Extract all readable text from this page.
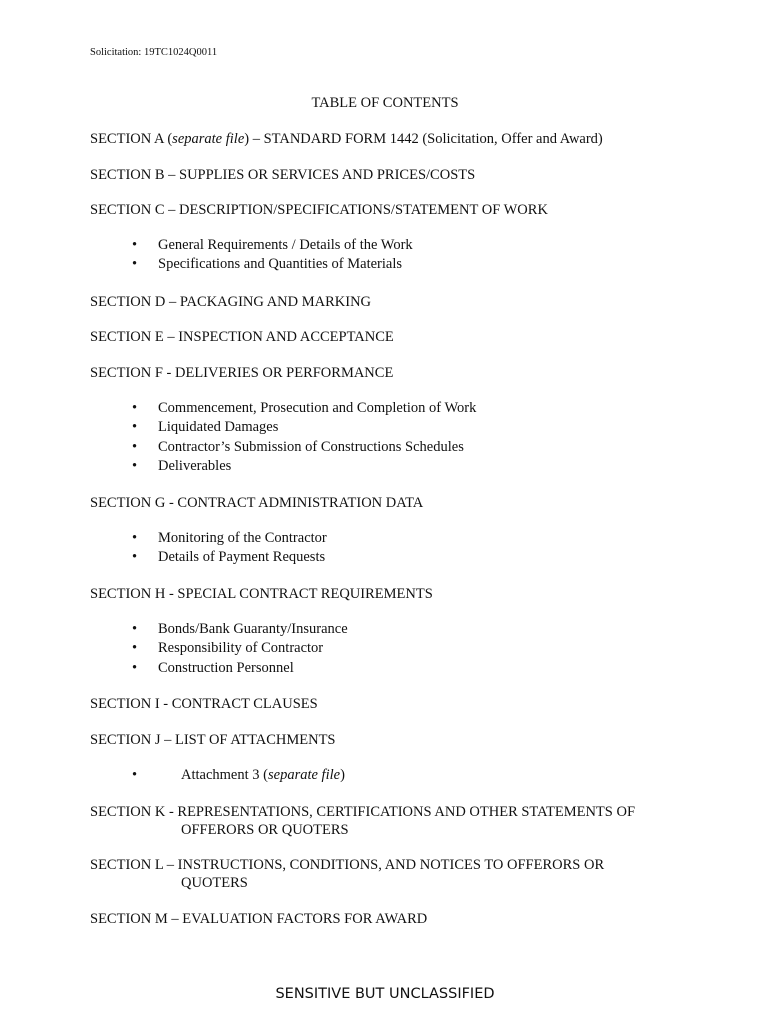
Solicitation: 19TC1024Q0011
TABLE OF CONTENTS
SECTION A (separate file) – STANDARD FORM 1442 (Solicitation, Offer and Award)
SECTION B – SUPPLIES OR SERVICES AND PRICES/COSTS
SECTION C – DESCRIPTION/SPECIFICATIONS/STATEMENT OF WORK
• General Requirements / Details of the Work
• Specifications and Quantities of Materials
SECTION D – PACKAGING AND MARKING
SECTION E – INSPECTION AND ACCEPTANCE
SECTION F - DELIVERIES OR PERFORMANCE
• Commencement, Prosecution and Completion of Work
• Liquidated Damages
• Contractor’s Submission of Constructions Schedules
• Deliverables
SECTION G - CONTRACT ADMINISTRATION DATA
• Monitoring of the Contractor
• Details of Payment Requests
SECTION H - SPECIAL CONTRACT REQUIREMENTS
• Bonds/Bank Guaranty/Insurance
• Responsibility of Contractor
• Construction Personnel
SECTION I - CONTRACT CLAUSES
SECTION J – LIST OF ATTACHMENTS
•	Attachment 3 (separate file)
SECTION K - REPRESENTATIONS, CERTIFICATIONS AND OTHER STATEMENTS OF
OFFERORS OR QUOTERS
SECTION L – INSTRUCTIONS, CONDITIONS, AND NOTICES TO OFFERORS OR
QUOTERS
SECTION M – EVALUATION FACTORS FOR AWARD
SENSITIVE BUT UNCLASSIFIED
